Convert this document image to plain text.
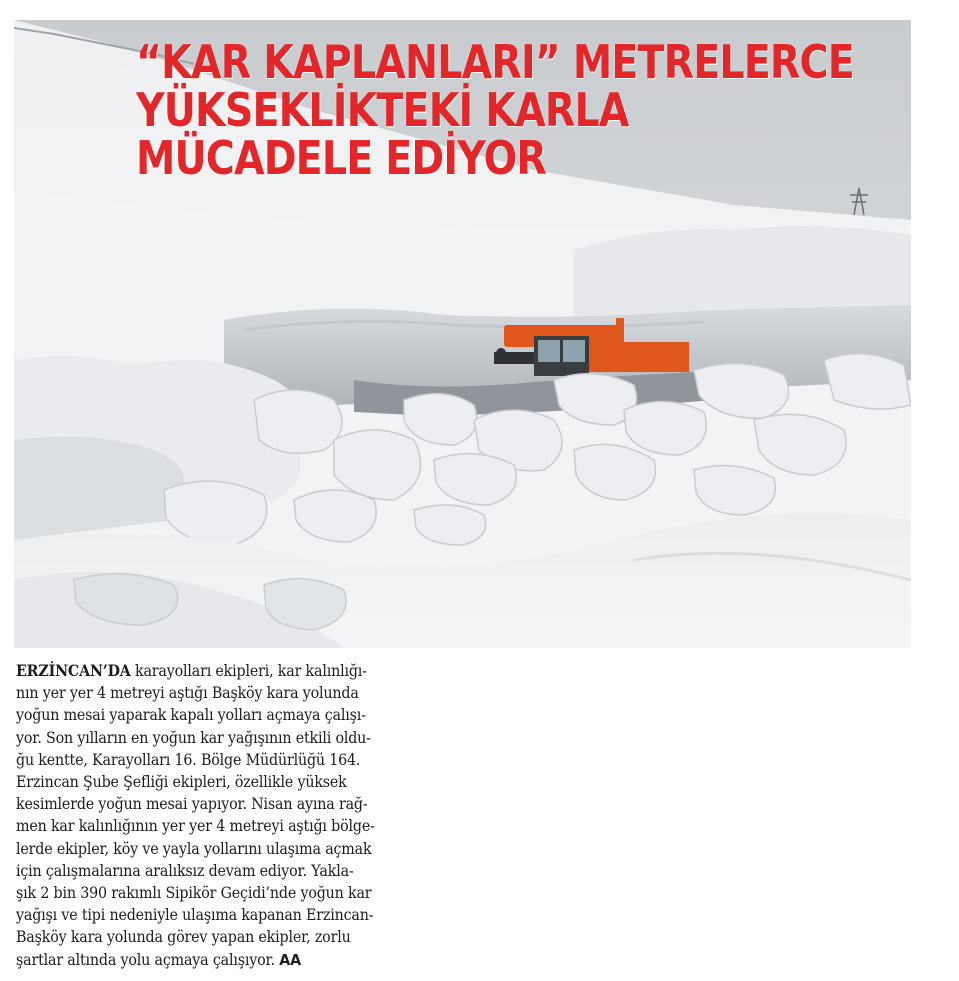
“KAR KAPLANLARI” METRELERCE
YÜKSEKLİKTEKİ KARLA
MÜCADELE EDİYOR

ERZİNCAN’DA karayolları ekipleri, kar kalınlığı-
nın yer yer 4 metreyi aştığı Başköy kara yolunda
yoğun mesai yaparak kapalı yolları açmaya çalışı-
yor. Son yılların en yoğun kar yağışının etkili oldu-
ğu kentte, Karayolları 16. Bölge Müdürlüğü 164.
Erzincan Şube Şefliği ekipleri, özellikle yüksek
kesimlerde yoğun mesai yapıyor. Nisan ayına rağ-
men kar kalınlığının yer yer 4 metreyi aştığı bölge-
lerde ekipler, köy ve yayla yollarını ulaşıma açmak
için çalışmalarına aralıksız devam ediyor. Yakla-
şık 2 bin 390 rakımlı Sipikör Geçidi’nde yoğun kar
yağışı ve tipi nedeniyle ulaşıma kapanan Erzincan-
Başköy kara yolunda görev yapan ekipler, zorlu
şartlar altında yolu açmaya çalışıyor. AA
